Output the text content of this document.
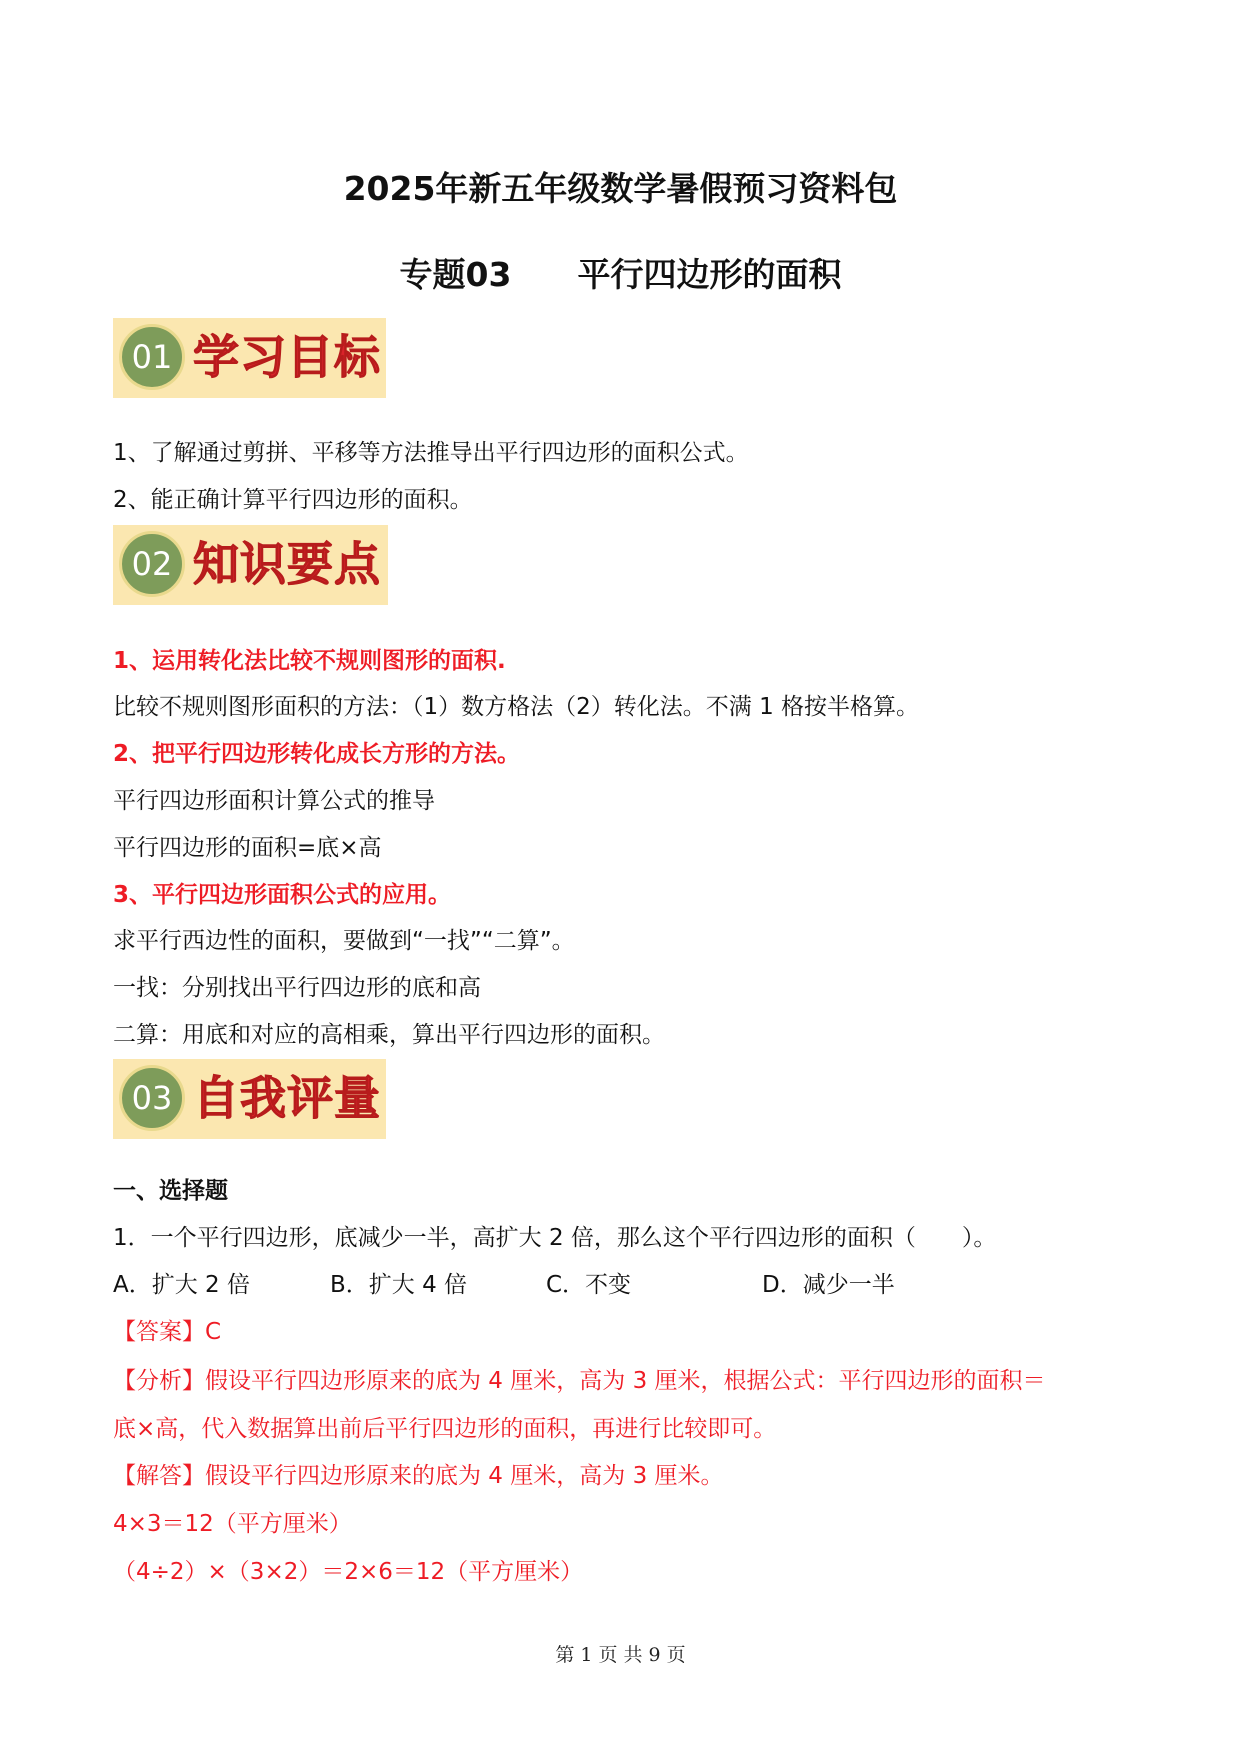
2025年新五年级数学暑假预习资料包
专题03　　平行四边形的面积
01 学习目标
1、了解通过剪拼、平移等方法推导出平行四边形的面积公式。
2、能正确计算平行四边形的面积。
02 知识要点
1、运用转化法比较不规则图形的面积.
比较不规则图形面积的方法：（1）数方格法（2）转化法。不满 1 格按半格算。
2、把平行四边形转化成长方形的方法。
平行四边形面积计算公式的推导
平行四边形的面积=底×高
3、平行四边形面积公式的应用。
求平行西边性的面积，要做到“一找”“二算”。
一找：分别找出平行四边形的底和高
二算：用底和对应的高相乘，算出平行四边形的面积。
03 自我评量
一、选择题
1．一个平行四边形，底减少一半，高扩大 2 倍，那么这个平行四边形的面积（　　）。
A．扩大 2 倍	B．扩大 4 倍	C．不变	D．减少一半
【答案】C
【分析】假设平行四边形原来的底为 4 厘米，高为 3 厘米，根据公式：平行四边形的面积＝
底×高，代入数据算出前后平行四边形的面积，再进行比较即可。
【解答】假设平行四边形原来的底为 4 厘米，高为 3 厘米。
4×3＝12（平方厘米）
（4÷2）×（3×2）＝2×6＝12（平方厘米）
第 1 页 共 9 页
